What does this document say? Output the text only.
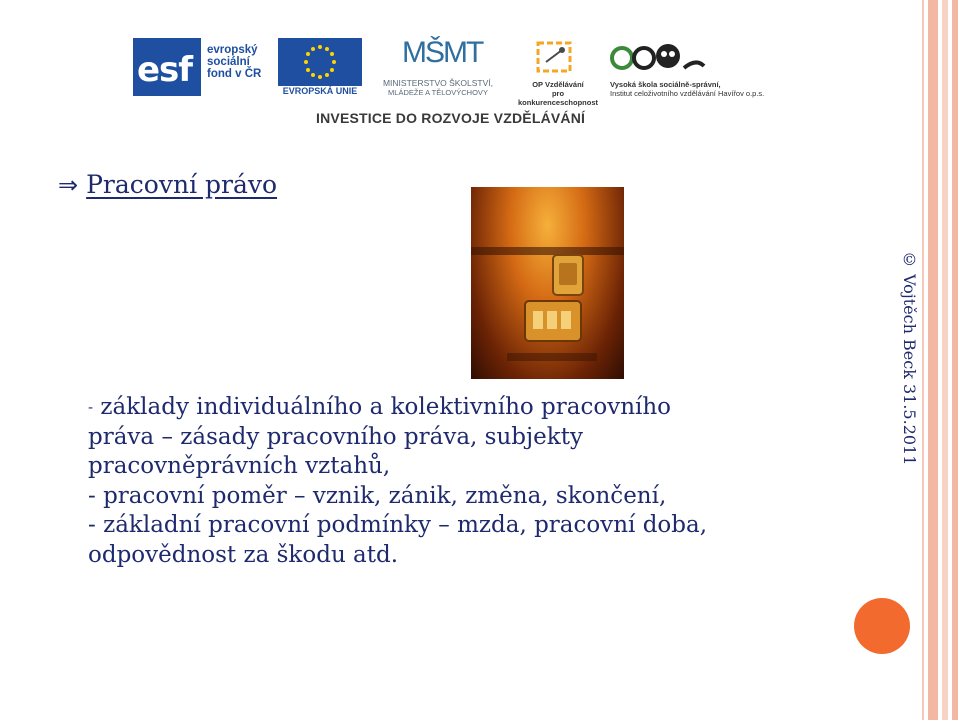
esf evropský
sociální
fond v ČR
EVROPSKÁ UNIE
MŠMT
MINISTERSTVO ŠKOLSTVÍ,
MLÁDEŽE A TĚLOVÝCHOVY
OP Vzdělávání
pro konkurenceschopnost
Vysoká škola sociálně-správní,
Institut celoživotního vzdělávání Havířov o.p.s.
INVESTICE DO ROZVOJE VZDĚLÁVÁNÍ
⇒ Pracovní právo
- základy individuálního a kolektivního pracovního
práva – zásady pracovního práva, subjekty
pracovněprávních vztahů,
- pracovní poměr – vznik, zánik, změna, skončení,
- základní pracovní podmínky – mzda, pracovní doba,
odpovědnost za škodu atd.
© Vojtěch Beck 31.5.2011
